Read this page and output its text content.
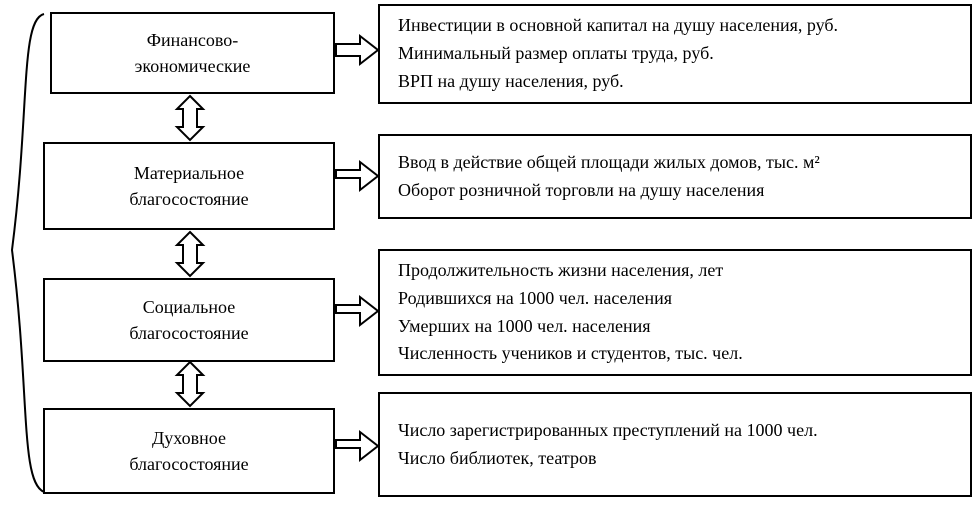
Финансово-
экономические
Материальное
благосостояние
Социальное
благосостояние
Духовное
благосостояние
Инвестиции в основной капитал на душу населения, руб.
Минимальный размер оплаты труда, руб.
ВРП на душу населения, руб.
Ввод в действие общей площади жилых домов, тыс. м²
Оборот розничной торговли на душу населения
Продолжительность жизни населения, лет
Родившихся на 1000 чел. населения
Умерших на 1000 чел. населения
Численность учеников и студентов, тыс. чел.
Число зарегистрированных преступлений на 1000 чел.
Число библиотек, театров
